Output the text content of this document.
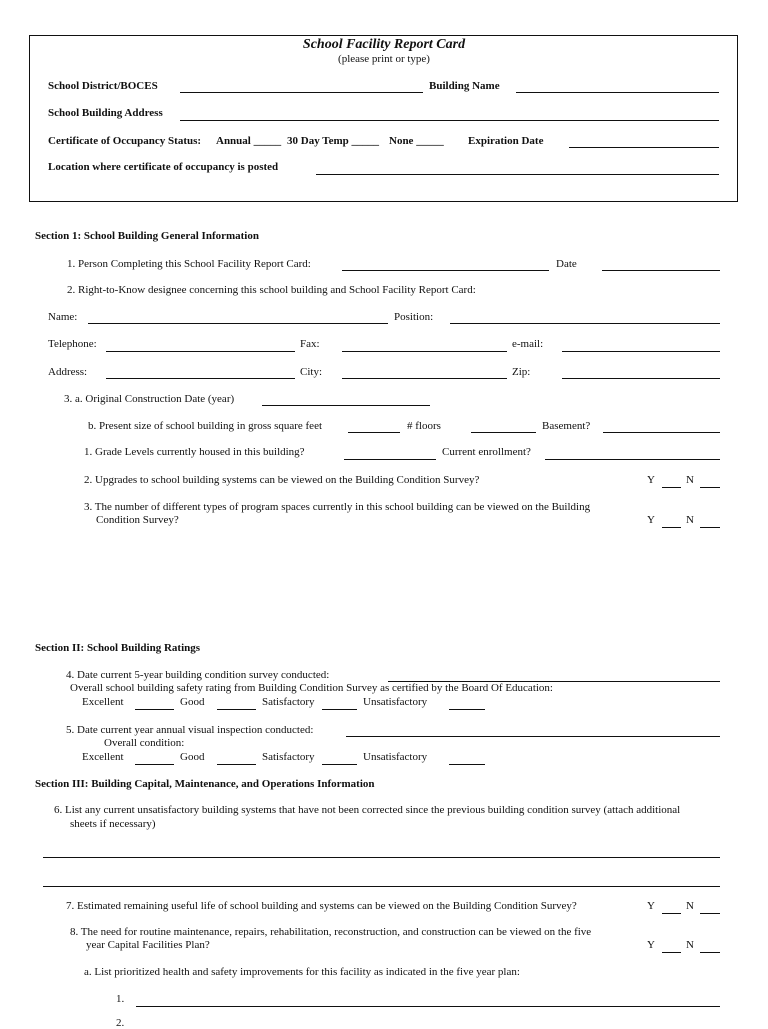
School Facility Report Card
(please print or type)
School District/BOCES	Building Name
School Building Address
Certificate of Occupancy Status: Annual _____ 30 Day Temp _____ None _____ Expiration Date
Location where certificate of occupancy is posted
Section 1: School Building General Information
1. Person Completing this School Facility Report Card:	Date
2. Right-to-Know designee concerning this school building and School Facility Report Card:
Name:	Position:
Telephone:	Fax:	e-mail:
Address:	City:	Zip:
3. a. Original Construction Date (year)
b. Present size of school building in gross square feet	# floors	Basement?
1. Grade Levels currently housed in this building?	Current enrollment?
2. Upgrades to school building systems can be viewed on the Building Condition Survey?	Y	N
3. The number of different types of program spaces currently in this school building can be viewed on the Building
Condition Survey?	Y	N
Section II: School Building Ratings
4. Date current 5-year building condition survey conducted:
Overall school building safety rating from Building Condition Survey as certified by the Board Of Education:
Excellent	Good	Satisfactory	Unsatisfactory
5. Date current year annual visual inspection conducted:
Overall condition:
Excellent	Good	Satisfactory	Unsatisfactory
Section III: Building Capital, Maintenance, and Operations Information
6. List any current unsatisfactory building systems that have not been corrected since the previous building condition survey (attach additional
sheets if necessary)
7. Estimated remaining useful life of school building and systems can be viewed on the Building Condition Survey?	Y	N
8. The need for routine maintenance, repairs, rehabilitation, reconstruction, and construction can be viewed on the five
year Capital Facilities Plan?	Y	N
a. List prioritized health and safety improvements for this facility as indicated in the five year plan:
1.
2.
